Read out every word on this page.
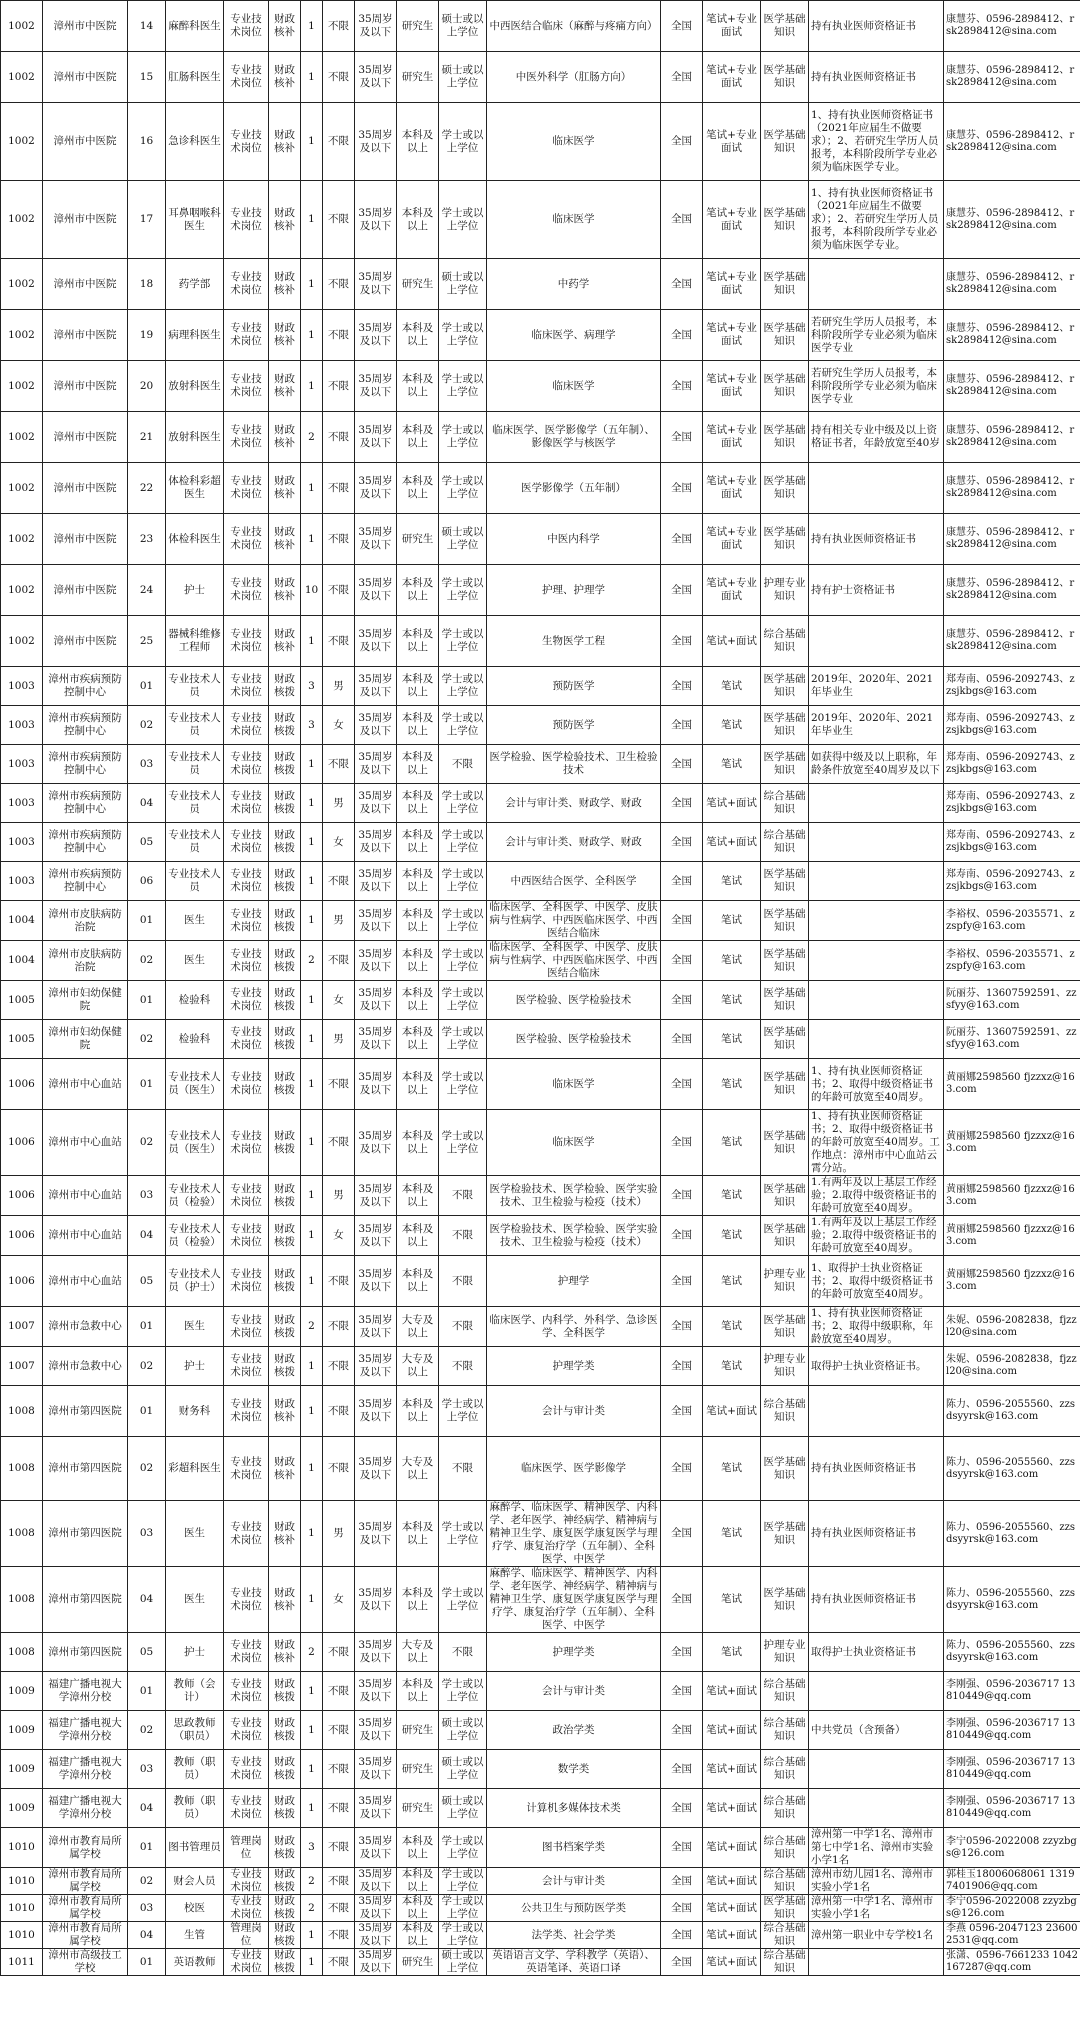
1002	漳州市中医院	14	麻醉科医生	专业技术岗位	财政核补	1	不限	35周岁及以下	研究生	硕士或以上学位	中西医结合临床（麻醉与疼痛方向）	全国	笔试+专业面试	医学基础知识	持有执业医师资格证书	康慧芬、0596-2898412、rsk2898412@sina.com
1002	漳州市中医院	15	肛肠科医生	专业技术岗位	财政核补	1	不限	35周岁及以下	研究生	硕士或以上学位	中医外科学（肛肠方向）	全国	笔试+专业面试	医学基础知识	持有执业医师资格证书	康慧芬、0596-2898412、rsk2898412@sina.com
1002	漳州市中医院	16	急诊科医生	专业技术岗位	财政核补	1	不限	35周岁及以下	本科及以上	学士或以上学位	临床医学	全国	笔试+专业面试	医学基础知识	1、持有执业医师资格证书（2021年应届生不做要求）；2、若研究生学历人员报考，本科阶段所学专业必须为临床医学专业。	康慧芬、0596-2898412、rsk2898412@sina.com
1002	漳州市中医院	17	耳鼻咽喉科医生	专业技术岗位	财政核补	1	不限	35周岁及以下	本科及以上	学士或以上学位	临床医学	全国	笔试+专业面试	医学基础知识	1、持有执业医师资格证书（2021年应届生不做要求）；2、若研究生学历人员报考，本科阶段所学专业必须为临床医学专业。	康慧芬、0596-2898412、rsk2898412@sina.com
1002	漳州市中医院	18	药学部	专业技术岗位	财政核补	1	不限	35周岁及以下	研究生	硕士或以上学位	中药学	全国	笔试+专业面试	医学基础知识		康慧芬、0596-2898412、rsk2898412@sina.com
1002	漳州市中医院	19	病理科医生	专业技术岗位	财政核补	1	不限	35周岁及以下	本科及以上	学士或以上学位	临床医学、病理学	全国	笔试+专业面试	医学基础知识	若研究生学历人员报考，本科阶段所学专业必须为临床医学专业	康慧芬、0596-2898412、rsk2898412@sina.com
1002	漳州市中医院	20	放射科医生	专业技术岗位	财政核补	1	不限	35周岁及以下	本科及以上	学士或以上学位	临床医学	全国	笔试+专业面试	医学基础知识	若研究生学历人员报考，本科阶段所学专业必须为临床医学专业	康慧芬、0596-2898412、rsk2898412@sina.com
1002	漳州市中医院	21	放射科医生	专业技术岗位	财政核补	2	不限	35周岁及以下	本科及以上	学士或以上学位	临床医学、医学影像学（五年制）、影像医学与核医学	全国	笔试+专业面试	医学基础知识	持有相关专业中级及以上资格证书者，年龄放宽至40岁	康慧芬、0596-2898412、rsk2898412@sina.com
1002	漳州市中医院	22	体检科彩超医生	专业技术岗位	财政核补	1	不限	35周岁及以下	本科及以上	学士或以上学位	医学影像学（五年制）	全国	笔试+专业面试	医学基础知识		康慧芬、0596-2898412、rsk2898412@sina.com
1002	漳州市中医院	23	体检科医生	专业技术岗位	财政核补	1	不限	35周岁及以下	研究生	硕士或以上学位	中医内科学	全国	笔试+专业面试	医学基础知识	持有执业医师资格证书	康慧芬、0596-2898412、rsk2898412@sina.com
1002	漳州市中医院	24	护士	专业技术岗位	财政核补	10	不限	35周岁及以下	本科及以上	学士或以上学位	护理、护理学	全国	笔试+专业面试	护理专业知识	持有护士资格证书	康慧芬、0596-2898412、rsk2898412@sina.com
1002	漳州市中医院	25	器械科维修工程师	专业技术岗位	财政核补	1	不限	35周岁及以下	本科及以上	学士或以上学位	生物医学工程	全国	笔试+面试	综合基础知识		康慧芬、0596-2898412、rsk2898412@sina.com
1003	漳州市疾病预防控制中心	01	专业技术人员	专业技术岗位	财政核拨	3	男	35周岁及以下	本科及以上	学士或以上学位	预防医学	全国	笔试	医学基础知识	2019年、2020年、2021年毕业生	郑寿南、0596-2092743、zzsjkbgs@163.com
1003	漳州市疾病预防控制中心	02	专业技术人员	专业技术岗位	财政核拨	3	女	35周岁及以下	本科及以上	学士或以上学位	预防医学	全国	笔试	医学基础知识	2019年、2020年、2021年毕业生	郑寿南、0596-2092743、zzsjkbgs@163.com
1003	漳州市疾病预防控制中心	03	专业技术人员	专业技术岗位	财政核拨	1	不限	35周岁及以下	本科及以上	不限	医学检验、医学检验技术、卫生检验技术	全国	笔试	医学基础知识	如获得中级及以上职称，年龄条件放宽至40周岁及以下	郑寿南、0596-2092743、zzsjkbgs@163.com
1003	漳州市疾病预防控制中心	04	专业技术人员	专业技术岗位	财政核拨	1	男	35周岁及以下	本科及以上	学士或以上学位	会计与审计类、财政学、财政	全国	笔试+面试	综合基础知识		郑寿南、0596-2092743、zzsjkbgs@163.com
1003	漳州市疾病预防控制中心	05	专业技术人员	专业技术岗位	财政核拨	1	女	35周岁及以下	本科及以上	学士或以上学位	会计与审计类、财政学、财政	全国	笔试+面试	综合基础知识		郑寿南、0596-2092743、zzsjkbgs@163.com
1003	漳州市疾病预防控制中心	06	专业技术人员	专业技术岗位	财政核拨	1	不限	35周岁及以下	本科及以上	学士或以上学位	中西医结合医学、全科医学	全国	笔试	医学基础知识		郑寿南、0596-2092743、zzsjkbgs@163.com
1004	漳州市皮肤病防治院	01	医生	专业技术岗位	财政核拨	1	男	35周岁及以下	本科及以上	学士或以上学位	临床医学、全科医学、中医学、皮肤病与性病学、中西医临床医学、中西医结合临床	全国	笔试	医学基础知识		李裕权、0596-2035571、zzspfy@163.com
1004	漳州市皮肤病防治院	02	医生	专业技术岗位	财政核拨	2	不限	35周岁及以下	本科及以上	学士或以上学位	临床医学、全科医学、中医学、皮肤病与性病学、中西医临床医学、中西医结合临床	全国	笔试	医学基础知识		李裕权、0596-2035571、zzspfy@163.com
1005	漳州市妇幼保健院	01	检验科	专业技术岗位	财政核拨	1	女	35周岁及以下	本科及以上	学士或以上学位	医学检验、医学检验技术	全国	笔试	医学基础知识		阮丽芬、13607592591、zzsfyy@163.com
1005	漳州市妇幼保健院	02	检验科	专业技术岗位	财政核拨	1	男	35周岁及以下	本科及以上	学士或以上学位	医学检验、医学检验技术	全国	笔试	医学基础知识		阮丽芬、13607592591、zzsfyy@163.com
1006	漳州市中心血站	01	专业技术人员（医生）	专业技术岗位	财政核拨	1	不限	35周岁及以下	本科及以上	学士或以上学位	临床医学	全国	笔试	医学基础知识	1、持有执业医师资格证书；2、取得中级资格证书的年龄可放宽至40周岁。	黄丽娜2598560 fjzzxz@163.com
1006	漳州市中心血站	02	专业技术人员（医生）	专业技术岗位	财政核拨	1	不限	35周岁及以下	本科及以上	学士或以上学位	临床医学	全国	笔试	医学基础知识	1、持有执业医师资格证书；2、取得中级资格证书的年龄可放宽至40周岁。工作地点：漳州市中心血站云霄分站。	黄丽娜2598560 fjzzxz@163.com
1006	漳州市中心血站	03	专业技术人员（检验）	专业技术岗位	财政核拨	1	男	35周岁及以下	本科及以上	不限	医学检验技术、医学检验、医学实验技术、卫生检验与检疫（技术）	全国	笔试	医学基础知识	1.有两年及以上基层工作经验；2.取得中级资格证书的年龄可放宽至40周岁。	黄丽娜2598560 fjzzxz@163.com
1006	漳州市中心血站	04	专业技术人员（检验）	专业技术岗位	财政核拨	1	女	35周岁及以下	本科及以上	不限	医学检验技术、医学检验、医学实验技术、卫生检验与检疫（技术）	全国	笔试	医学基础知识	1.有两年及以上基层工作经验；2.取得中级资格证书的年龄可放宽至40周岁。	黄丽娜2598560 fjzzxz@163.com
1006	漳州市中心血站	05	专业技术人员（护士）	专业技术岗位	财政核拨	1	不限	35周岁及以下	本科及以上	不限	护理学	全国	笔试	护理专业知识	1、取得护士执业资格证书；2、取得中级资格证书的年龄可放宽至40周岁。	黄丽娜2598560 fjzzxz@163.com
1007	漳州市急救中心	01	医生	专业技术岗位	财政核拨	2	不限	35周岁及以下	大专及以上	不限	临床医学、内科学、外科学、急诊医学、全科医学	全国	笔试	医学基础知识	1、持有执业医师资格证书；2、取得中级职称，年龄放宽至40周岁。	朱妮、0596-2082838，fjzzl20@sina.com
1007	漳州市急救中心	02	护士	专业技术岗位	财政核拨	1	不限	35周岁及以下	大专及以上	不限	护理学类	全国	笔试	护理专业知识	取得护士执业资格证书。	朱妮、0596-2082838，fjzzl20@sina.com
1008	漳州市第四医院	01	财务科	专业技术岗位	财政核补	1	不限	35周岁及以下	本科及以上	学士或以上学位	会计与审计类	全国	笔试+面试	综合基础知识		陈力、0596-2055560、zzsdsyyrsk@163.com
1008	漳州市第四医院	02	彩超科医生	专业技术岗位	财政核补	1	不限	35周岁及以下	大专及以上	不限	临床医学、医学影像学	全国	笔试	医学基础知识	持有执业医师资格证书	陈力、0596-2055560、zzsdsyyrsk@163.com
1008	漳州市第四医院	03	医生	专业技术岗位	财政核补	1	男	35周岁及以下	本科及以上	学士或以上学位	麻醉学、临床医学、精神医学、内科学、老年医学、神经病学、精神病与精神卫生学、康复医学康复医学与理疗学、康复治疗学（五年制）、全科医学、中医学	全国	笔试	医学基础知识	持有执业医师资格证书	陈力、0596-2055560、zzsdsyyrsk@163.com
1008	漳州市第四医院	04	医生	专业技术岗位	财政核补	1	女	35周岁及以下	本科及以上	学士或以上学位	麻醉学、临床医学、精神医学、内科学、老年医学、神经病学、精神病与精神卫生学、康复医学康复医学与理疗学、康复治疗学（五年制）、全科医学、中医学	全国	笔试	医学基础知识	持有执业医师资格证书	陈力、0596-2055560、zzsdsyyrsk@163.com
1008	漳州市第四医院	05	护士	专业技术岗位	财政核补	2	不限	35周岁及以下	大专及以上	不限	护理学类	全国	笔试	护理专业知识	取得护士执业资格证书	陈力、0596-2055560、zzsdsyyrsk@163.com
1009	福建广播电视大学漳州分校	01	教师（会计）	专业技术岗位	财政核拨	1	不限	35周岁及以下	本科及以上	学士或以上学位	会计与审计类	全国	笔试+面试	综合基础知识		李刚强、0596-2036717 13810449@qq.com
1009	福建广播电视大学漳州分校	02	思政教师（职员）	专业技术岗位	财政核拨	1	不限	35周岁及以下	研究生	硕士或以上学位	政治学类	全国	笔试+面试	综合基础知识	中共党员（含预备）	李刚强、0596-2036717 13810449@qq.com
1009	福建广播电视大学漳州分校	03	教师（职员）	专业技术岗位	财政核拨	1	不限	35周岁及以下	研究生	硕士或以上学位	数学类	全国	笔试+面试	综合基础知识		李刚强、0596-2036717 13810449@qq.com
1009	福建广播电视大学漳州分校	04	教师（职员）	专业技术岗位	财政核拨	1	不限	35周岁及以下	研究生	硕士或以上学位	计算机多媒体技术类	全国	笔试+面试	综合基础知识		李刚强、0596-2036717 13810449@qq.com
1010	漳州市教育局所属学校	01	图书管理员	管理岗位	财政核拨	3	不限	35周岁及以下	本科及以上	学士或以上学位	图书档案学类	全国	笔试+面试	综合基础知识	漳州第一中学1名、漳州市第七中学1名、漳州市实验小学1名	李宁0596-2022008 zzyzbgs@126.com
1010	漳州市教育局所属学校	02	财会人员	专业技术岗位	财政核拨	2	不限	35周岁及以下	本科及以上	学士或以上学位	会计与审计类	全国	笔试+面试	综合基础知识	漳州市幼儿园1名、漳州市实验小学1名	郭桂玉18006068061 13197401906@qq.com
1010	漳州市教育局所属学校	03	校医	专业技术岗位	财政核拨	2	不限	35周岁及以下	本科及以上	学士或以上学位	公共卫生与预防医学类	全国	笔试+面试	医学基础知识	漳州第一中学1名、漳州市实验小学1名	李宁0596-2022008 zzyzbgs@126.com
1010	漳州市教育局所属学校	04	生管	管理岗位	财政核拨	1	不限	35周岁及以下	本科及以上	学士或以上学位	法学类、社会学类	全国	笔试+面试	综合基础知识	漳州第一职业中专学校1名	李燕 0596-2047123 236002531@qq.com
1011	漳州市高级技工学校	01	英语教师	专业技术岗位	财政核拨	1	不限	35周岁及以下	研究生	硕士或以上学位	英语语言文学、学科教学（英语）、英语笔译、英语口译	全国	笔试+面试	综合基础知识		张潇、0596-7661233 1042167287@qq.com
